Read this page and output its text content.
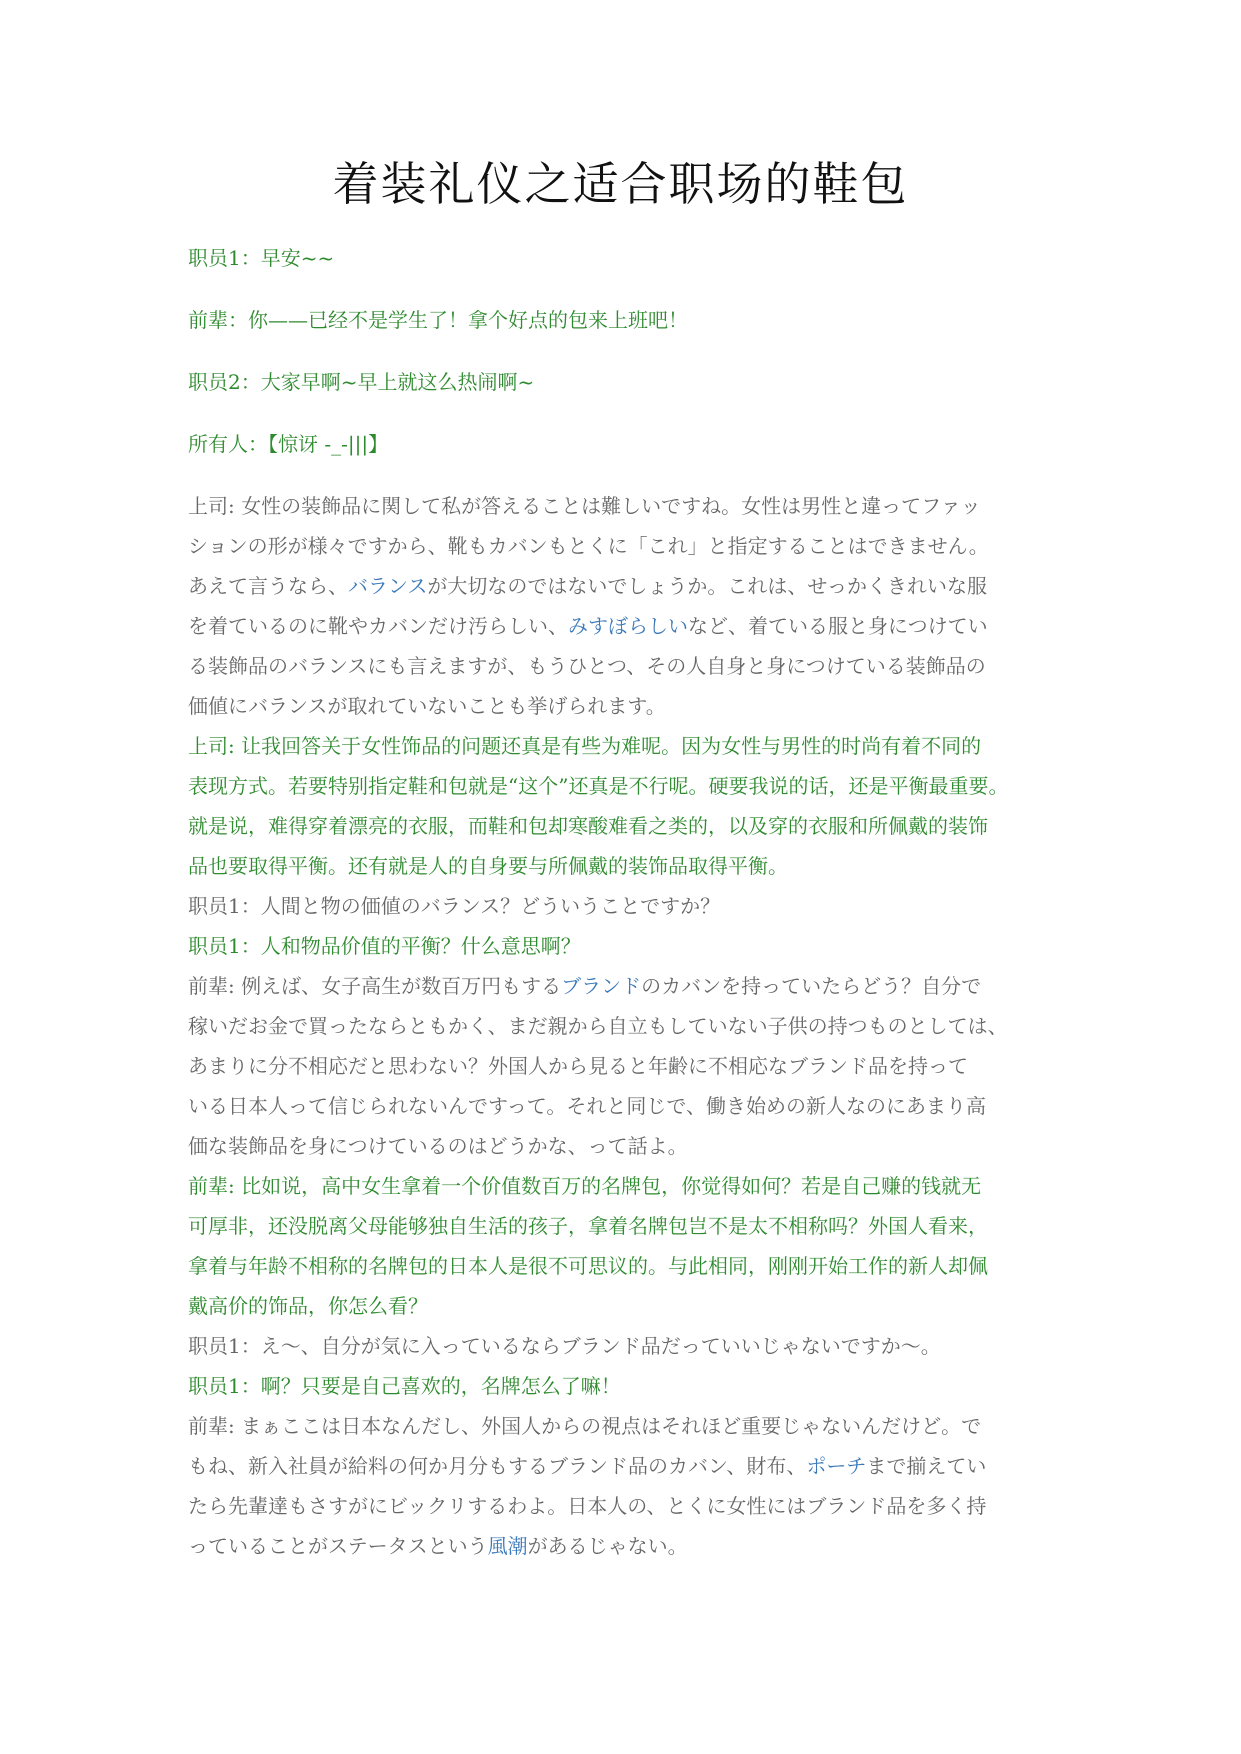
着装礼仪之适合职场的鞋包

职员1：早安~~

前辈：你——已经不是学生了！拿个好点的包来上班吧！

职员2：大家早啊~早上就这么热闹啊~

所有人：【惊讶 -_-|||】

上司: 女性の装飾品に関して私が答えることは難しいですね。女性は男性と違ってファッ

ションの形が様々ですから、靴もカバンもとくに「これ」と指定することはできません。

あえて言うなら、バランスが大切なのではないでしょうか。これは、せっかくきれいな服

を着ているのに靴やカバンだけ汚らしい、みすぼらしいなど、着ている服と身につけてい

る装飾品のバランスにも言えますが、もうひとつ、その人自身と身につけている装飾品の

価値にバランスが取れていないことも挙げられます。

上司: 让我回答关于女性饰品的问题还真是有些为难呢。因为女性与男性的时尚有着不同的

表现方式。若要特别指定鞋和包就是“这个”还真是不行呢。硬要我说的话，还是平衡最重要。

就是说，难得穿着漂亮的衣服，而鞋和包却寒酸难看之类的，以及穿的衣服和所佩戴的装饰

品也要取得平衡。还有就是人的自身要与所佩戴的装饰品取得平衡。

职员1：人間と物の価値のバランス？どういうことですか？

职员1：人和物品价值的平衡？什么意思啊？

前辈: 例えば、女子高生が数百万円もするブランドのカバンを持っていたらどう？自分で

稼いだお金で買ったならともかく、まだ親から自立もしていない子供の持つものとしては、

あまりに分不相応だと思わない？外国人から見ると年齢に不相応なブランド品を持って

いる日本人って信じられないんですって。それと同じで、働き始めの新人なのにあまり高

価な装飾品を身につけているのはどうかな、って話よ。

前辈: 比如说，高中女生拿着一个价值数百万的名牌包，你觉得如何？若是自己赚的钱就无

可厚非，还没脱离父母能够独自生活的孩子，拿着名牌包岂不是太不相称吗？外国人看来，

拿着与年龄不相称的名牌包的日本人是很不可思议的。与此相同，刚刚开始工作的新人却佩

戴高价的饰品，你怎么看？

职员1：え～、自分が気に入っているならブランド品だっていいじゃないですか～。

职员1：啊？只要是自己喜欢的，名牌怎么了嘛！

前辈: まぁここは日本なんだし、外国人からの視点はそれほど重要じゃないんだけど。で

もね、新入社員が給料の何か月分もするブランド品のカバン、財布、ポーチまで揃えてい

たら先輩達もさすがにビックリするわよ。日本人の、とくに女性にはブランド品を多く持

っていることがステータスという風潮があるじゃない。
